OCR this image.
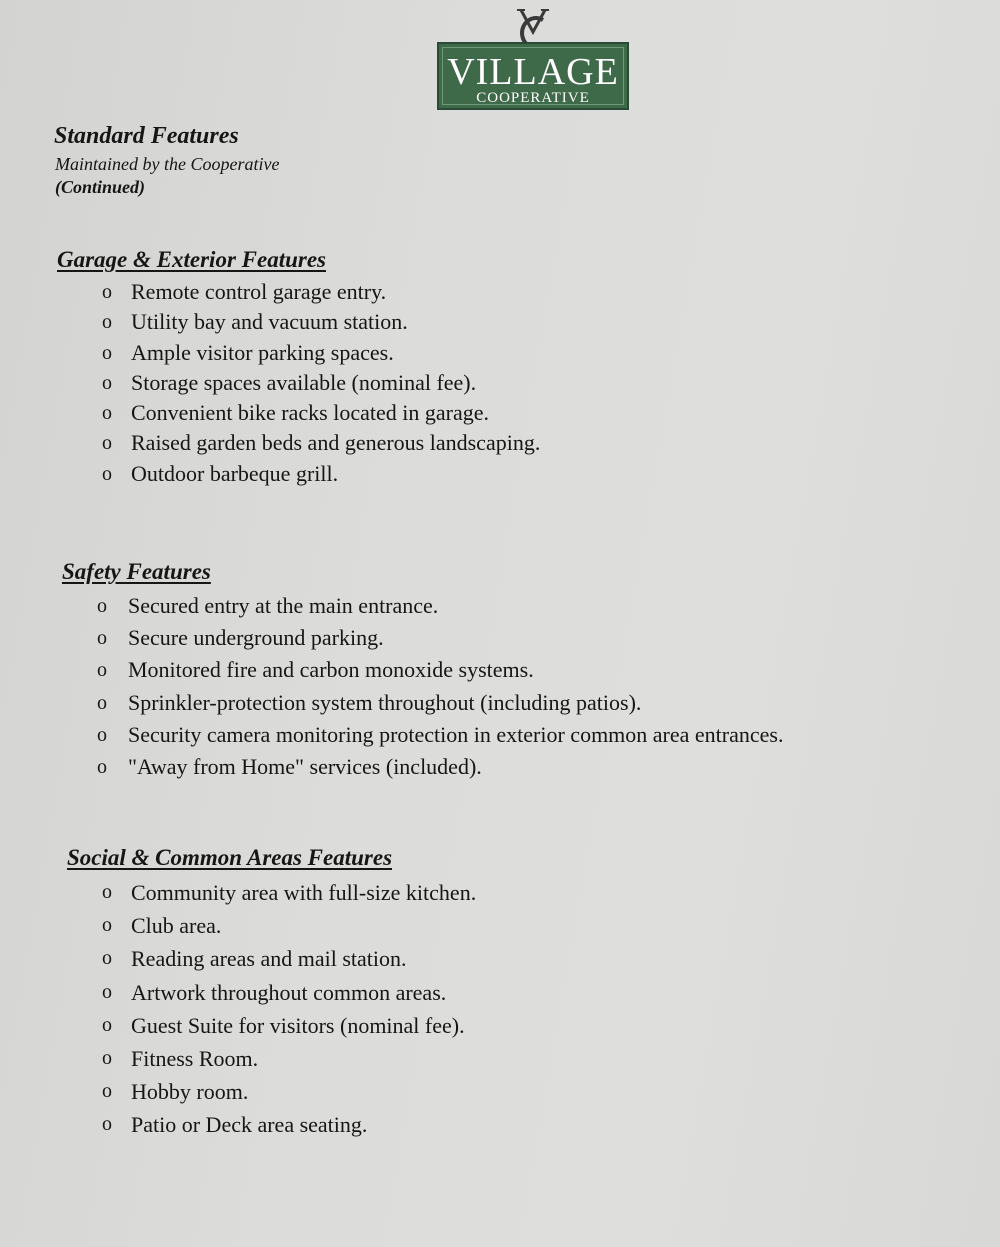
VILLAGE
COOPERATIVE
Standard Features
Maintained by the Cooperative
(Continued)
Garage & Exterior Features
o Remote control garage entry.
o Utility bay and vacuum station.
o Ample visitor parking spaces.
o Storage spaces available (nominal fee).
o Convenient bike racks located in garage.
o Raised garden beds and generous landscaping.
o Outdoor barbeque grill.
Safety Features
o Secured entry at the main entrance.
o Secure underground parking.
o Monitored fire and carbon monoxide systems.
o Sprinkler-protection system throughout (including patios).
o Security camera monitoring protection in exterior common area entrances.
o "Away from Home" services (included).
Social & Common Areas Features
o Community area with full-size kitchen.
o Club area.
o Reading areas and mail station.
o Artwork throughout common areas.
o Guest Suite for visitors (nominal fee).
o Fitness Room.
o Hobby room.
o Patio or Deck area seating.
